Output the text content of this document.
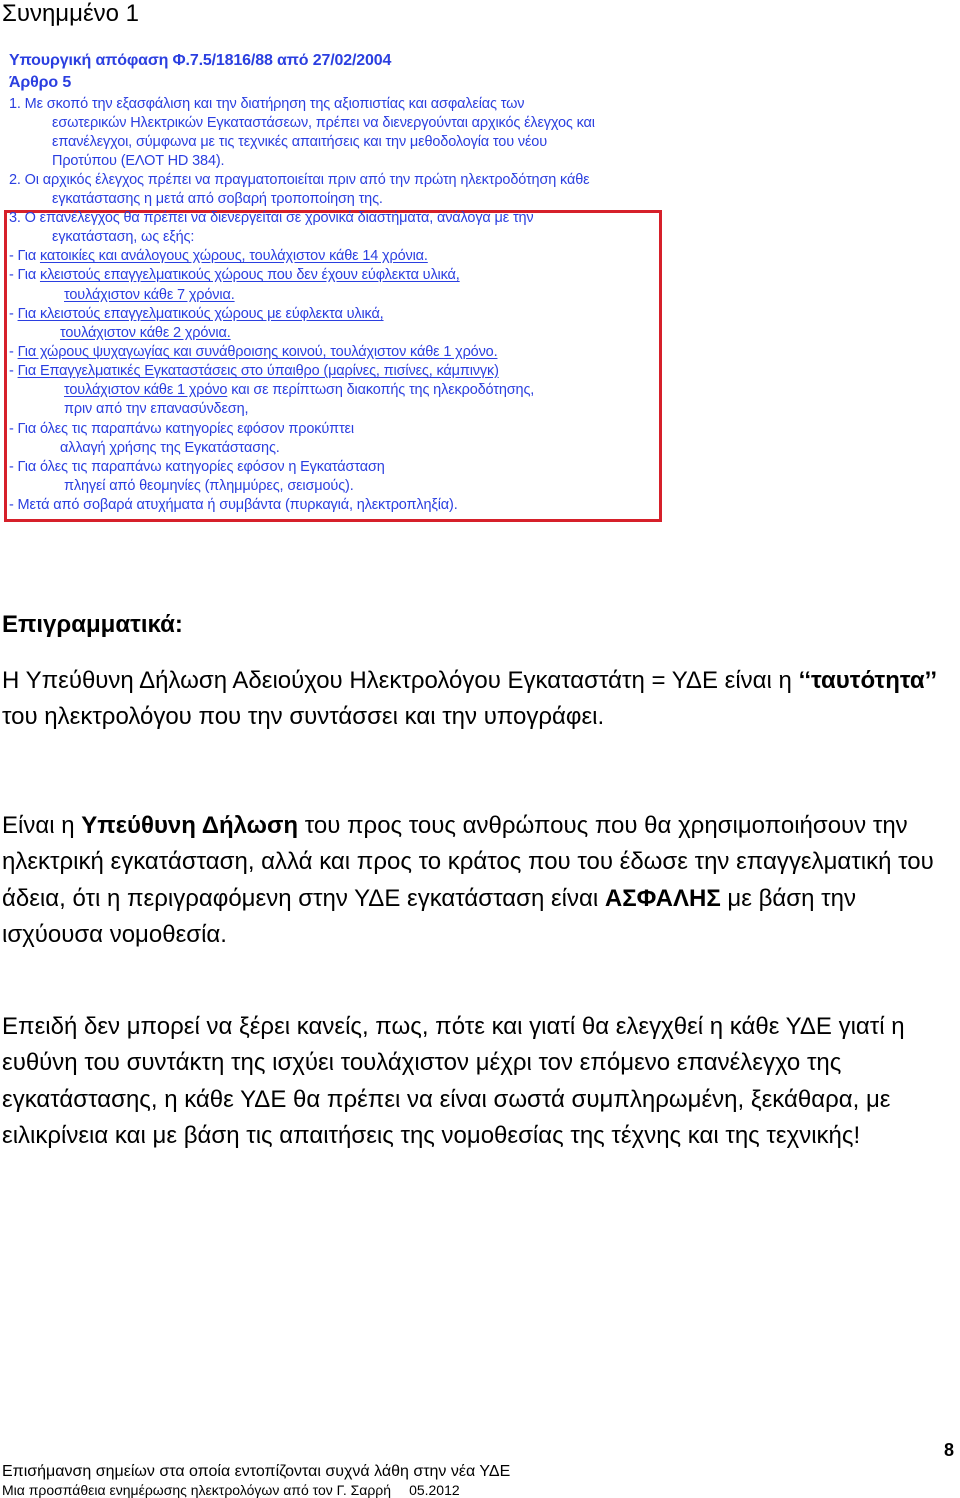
Συνημμένο 1
Υπουργική απόφαση Φ.7.5/1816/88 από 27/02/2004
Άρθρο 5
1. Με σκοπό την εξασφάλιση και την διατήρηση της αξιοπιστίας και ασφαλείας των
εσωτερικών Ηλεκτρικών Εγκαταστάσεων, πρέπει να διενεργούνται αρχικός έλεγχος και
επανέλεγχοι, σύμφωνα με τις τεχνικές απαιτήσεις και την μεθοδολογία του νέου
Προτύπου (ΕΛΟΤ HD 384).
2. Οι αρχικός έλεγχος πρέπει να πραγματοποιείται πριν από την πρώτη ηλεκτροδότηση κάθε
εγκατάστασης η μετά από σοβαρή τροποποίηση της.
3. Ο επανέλεγχος θα πρέπει να διενεργείται σε χρονικά διαστήματα, ανάλογα με την
εγκατάσταση, ως εξής:
- Για κατοικίες και ανάλογους χώρους, τουλάχιστον κάθε 14 χρόνια.
- Για κλειστούς επαγγελματικούς χώρους που δεν έχουν εύφλεκτα υλικά,
τουλάχιστον κάθε 7 χρόνια.
- Για κλειστούς επαγγελματικούς χώρους με εύφλεκτα υλικά,
τουλάχιστον κάθε 2 χρόνια.
- Για χώρους ψυχαγωγίας και συνάθροισης κοινού, τουλάχιστον κάθε 1 χρόνο.
- Για Επαγγελματικές Εγκαταστάσεις στο ύπαιθρο (μαρίνες, πισίνες, κάμπινγκ)
τουλάχιστον κάθε 1 χρόνο και σε περίπτωση διακοπής της ηλεκροδότησης,
πριν από την επανασύνδεση,
- Για όλες τις παραπάνω κατηγορίες εφόσον προκύπτει
αλλαγή χρήσης της Εγκατάστασης.
- Για όλες τις παραπάνω κατηγορίες εφόσον η Εγκατάσταση
πληγεί από θεομηνίες (πλημμύρες, σεισμούς).
- Μετά από σοβαρά ατυχήματα ή συμβάντα (πυρκαγιά, ηλεκτροπληξία).
Επιγραμματικά:
Η Υπεύθυνη Δήλωση Αδειούχου Ηλεκτρολόγου Εγκαταστάτη = ΥΔΕ είναι η ‘‘ταυτότητα’’ του ηλεκτρολόγου που την συντάσσει και την υπογράφει.
Είναι η Υπεύθυνη Δήλωση του προς τους ανθρώπους που θα χρησιμοποιήσουν την ηλεκτρική εγκατάσταση, αλλά και προς το κράτος που του έδωσε την επαγγελματική του άδεια, ότι η περιγραφόμενη στην ΥΔΕ εγκατάσταση είναι ΑΣΦΑΛΗΣ με βάση την ισχύουσα νομοθεσία.
Επειδή δεν μπορεί να ξέρει κανείς, πως, πότε και γιατί θα ελεγχθεί η κάθε ΥΔΕ γιατί η ευθύνη του συντάκτη της ισχύει τουλάχιστον μέχρι τον επόμενο επανέλεγχο της εγκατάστασης, η κάθε ΥΔΕ θα πρέπει να είναι σωστά συμπληρωμένη, ξεκάθαρα, με ειλικρίνεια και με βάση τις απαιτήσεις της νομοθεσίας της τέχνης και της τεχνικής!
8
Επισήμανση σημείων στα οποία εντοπίζονται συχνά λάθη στην νέα ΥΔΕ
Μια προσπάθεια ενημέρωσης ηλεκτρολόγων από τον Γ. Σαρρή 05.2012
